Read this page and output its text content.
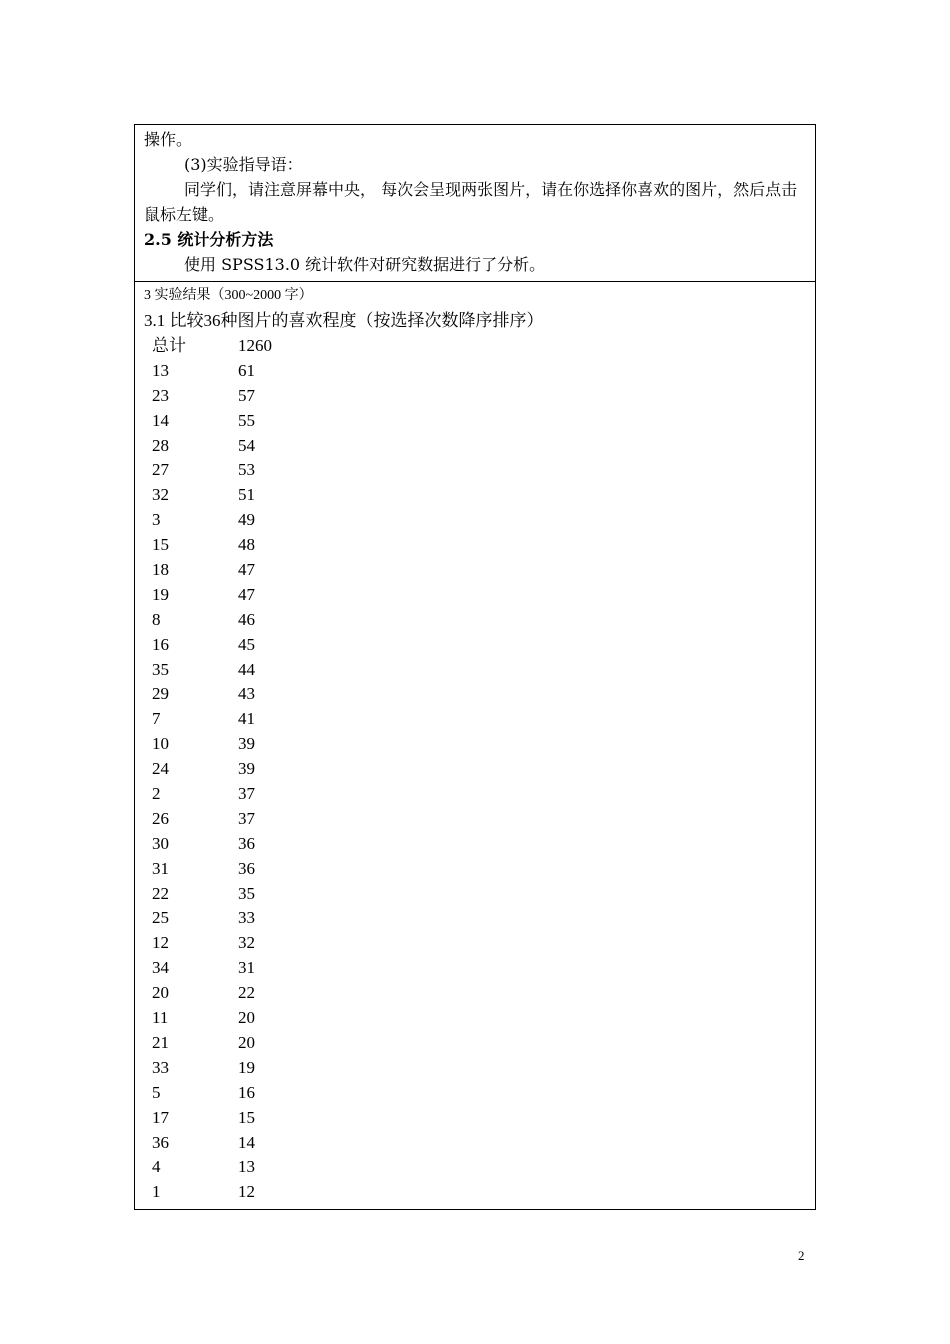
操作。

(3)实验指导语：

同学们，请注意屏幕中央， 每次会呈现两张图片，请在你选择你喜欢的图片，然后点击鼠标左键。

2.5 统计分析方法

使用 SPSS13.0 统计软件对研究数据进行了分析。

3 实验结果（300~2000 字）
3.1 比较36种图片的喜欢程度（按选择次数降序排序）
总计	1260
13	61
23	57
14	55
28	54
27	53
32	51
3	49
15	48
18	47
19	47
8	46
16	45
35	44
29	43
7	41
10	39
24	39
2	37
26	37
30	36
31	36
22	35
25	33
12	32
34	31
20	22
11	20
21	20
33	19
5	16
17	15
36	14
4	13
1	12
2
